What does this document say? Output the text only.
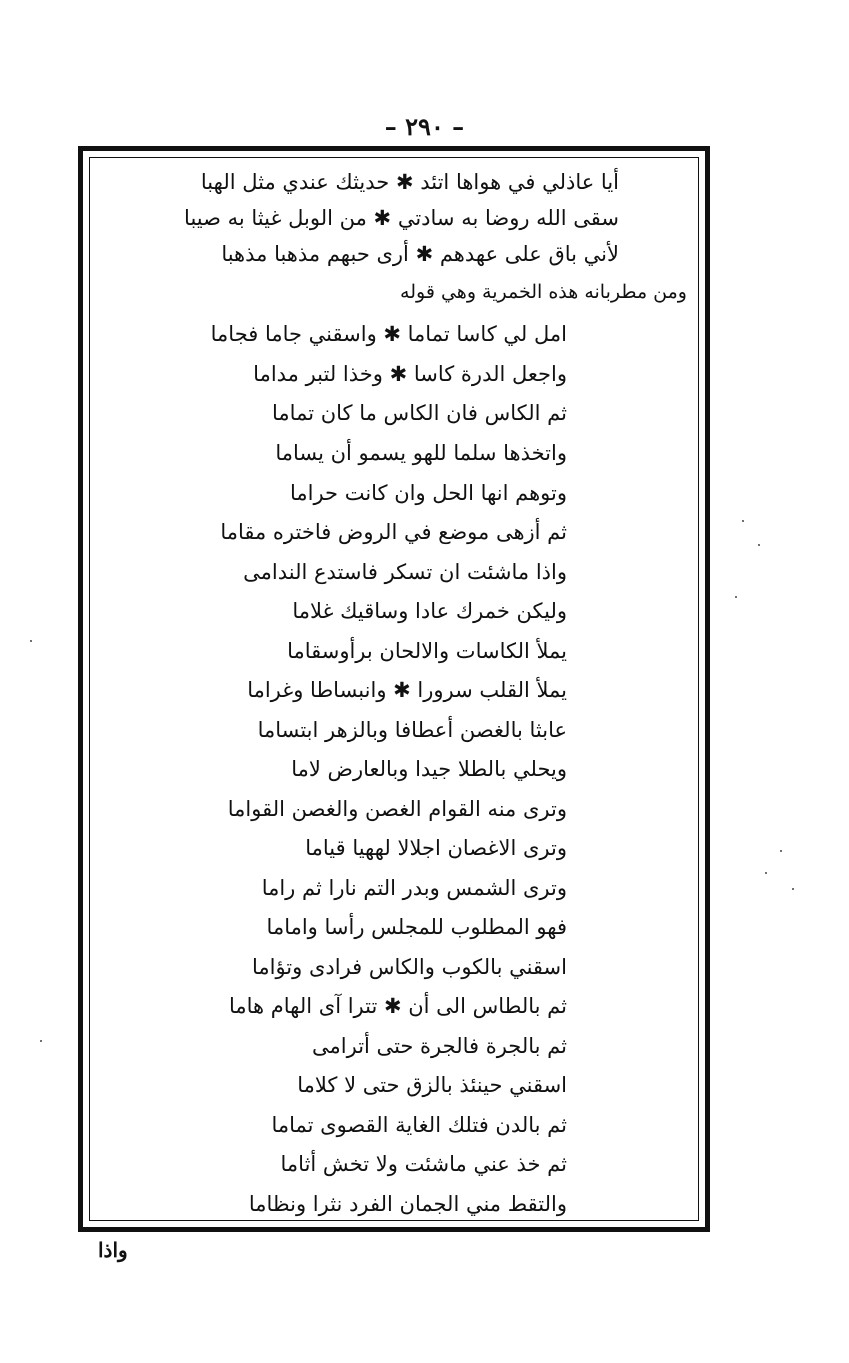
– ٢٩٠ –
أيا عاذلي في هواها اتئد ✱ حديثك عندي مثل الهبا
سقى الله روضا به سادتي ✱ من الوبل غيثا به صيبا
لأني باق على عهدهم ✱ أرى حبهم مذهبا مذهبا
ومن مطربانه هذه الخمرية وهي قوله
امل لي كاسا تماما ✱ واسقني جاما فجاما
واجعل الدرة كاسا ✱ وخذا لتبر مداما
ثم الكاس فان الكاس ما كان تماما
واتخذها سلما للهو يسمو أن يساما
وتوهم انها الحل وان كانت حراما
ثم أزهى موضع في الروض فاختره مقاما
واذا ماشئت ان تسكر فاستدع الندامى
وليكن خمرك عادا وساقيك غلاما
يملأ الكاسات والالحان برأوسقاما
يملأ القلب سرورا ✱ وانبساطا وغراما
عابثا بالغصن أعطافا وبالزهر ابتساما
ويحلي بالطلا جيدا وبالعارض لاما
وترى منه القوام الغصن والغصن القواما
وترى الاغصان اجلالا لههيا قياما
وترى الشمس وبدر التم نارا ثم راما
فهو المطلوب للمجلس رأسا واماما
اسقني بالكوب والكاس فرادى وتؤاما
ثم بالطاس الى أن ✱ تترا آى الهام هاما
ثم بالجرة فالجرة حتى أترامى
اسقني حينئذ بالزق حتى لا كلاما
ثم بالدن فتلك الغاية القصوى تماما
ثم خذ عني ماشئت ولا تخش أثاما
والتقط مني الجمان الفرد نثرا ونظاما
واذا
